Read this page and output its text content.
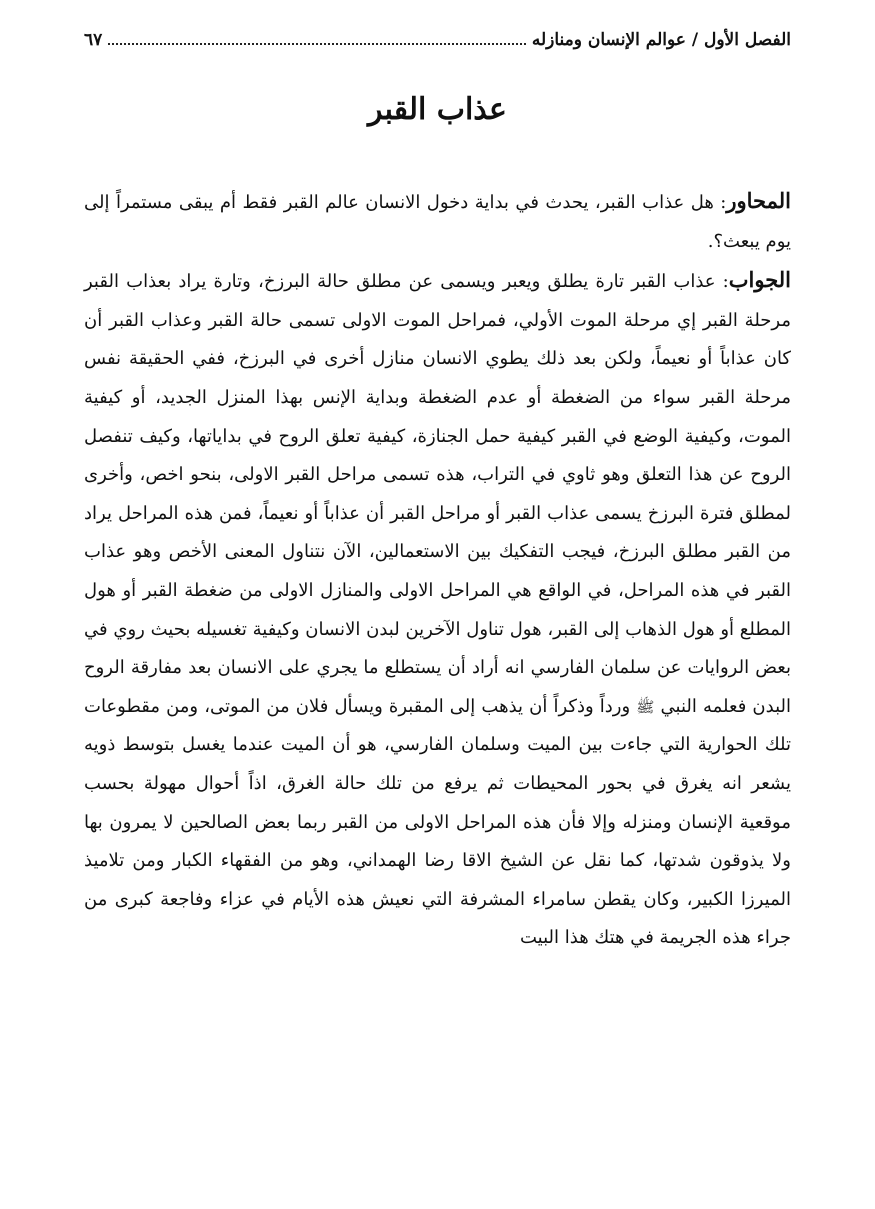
الفصل الأول / عوالم الإنسان ومنازله
٦٧
عذاب القبر

المحاور: هل عذاب القبر، يحدث في بداية دخول الانسان عالم القبر فقط أم يبقى مستمراً إلى يوم يبعث؟.

الجواب: عذاب القبر تارة يطلق ويعبر ويسمى عن مطلق حالة البرزخ، وتارة يراد بعذاب القبر مرحلة القبر إي مرحلة الموت الأولي، فمراحل الموت الاولى تسمى حالة القبر وعذاب القبر أن كان عذاباً أو نعيماً، ولكن بعد ذلك يطوي الانسان منازل أخرى في البرزخ، ففي الحقيقة نفس مرحلة القبر سواء من الضغطة أو عدم الضغطة وبداية الإنس بهذا المنزل الجديد، أو كيفية الموت، وكيفية الوضع في القبر كيفية حمل الجنازة، كيفية تعلق الروح في بداياتها، وكيف تنفصل الروح عن هذا التعلق وهو ثاوي في التراب، هذه تسمى مراحل القبر الاولى، بنحو اخص، وأخرى لمطلق فترة البرزخ يسمى عذاب القبر أو مراحل القبر أن عذاباً أو نعيماً، فمن هذه المراحل يراد من القبر مطلق البرزخ، فيجب التفكيك بين الاستعمالين، الآن نتناول المعنى الأخص وهو عذاب القبر في هذه المراحل، في الواقع هي المراحل الاولى والمنازل الاولى من ضغطة القبر أو هول المطلع أو هول الذهاب إلى القبر، هول تناول الآخرين لبدن الانسان وكيفية تغسيله بحيث روي في بعض الروايات عن سلمان الفارسي انه أراد أن يستطلع ما يجري على الانسان بعد مفارقة الروح البدن فعلمه النبي ﷺ ورداً وذكراً أن يذهب إلى المقبرة ويسأل فلان من الموتى، ومن مقطوعات تلك الحوارية التي جاءت بين الميت وسلمان الفارسي، هو أن الميت عندما يغسل بتوسط ذويه يشعر انه يغرق في بحور المحيطات ثم يرفع من تلك حالة الغرق، اذاً أحوال مهولة بحسب موقعية الإنسان ومنزله وإلا فأن هذه المراحل الاولى من القبر ربما بعض الصالحين لا يمرون بها ولا يذوقون شدتها، كما نقل عن الشيخ الاقا رضا الهمداني، وهو من الفقهاء الكبار ومن تلاميذ الميرزا الكبير، وكان يقطن سامراء المشرفة التي نعيش هذه الأيام في عزاء وفاجعة كبرى من جراء هذه الجريمة في هتك هذا البيت
